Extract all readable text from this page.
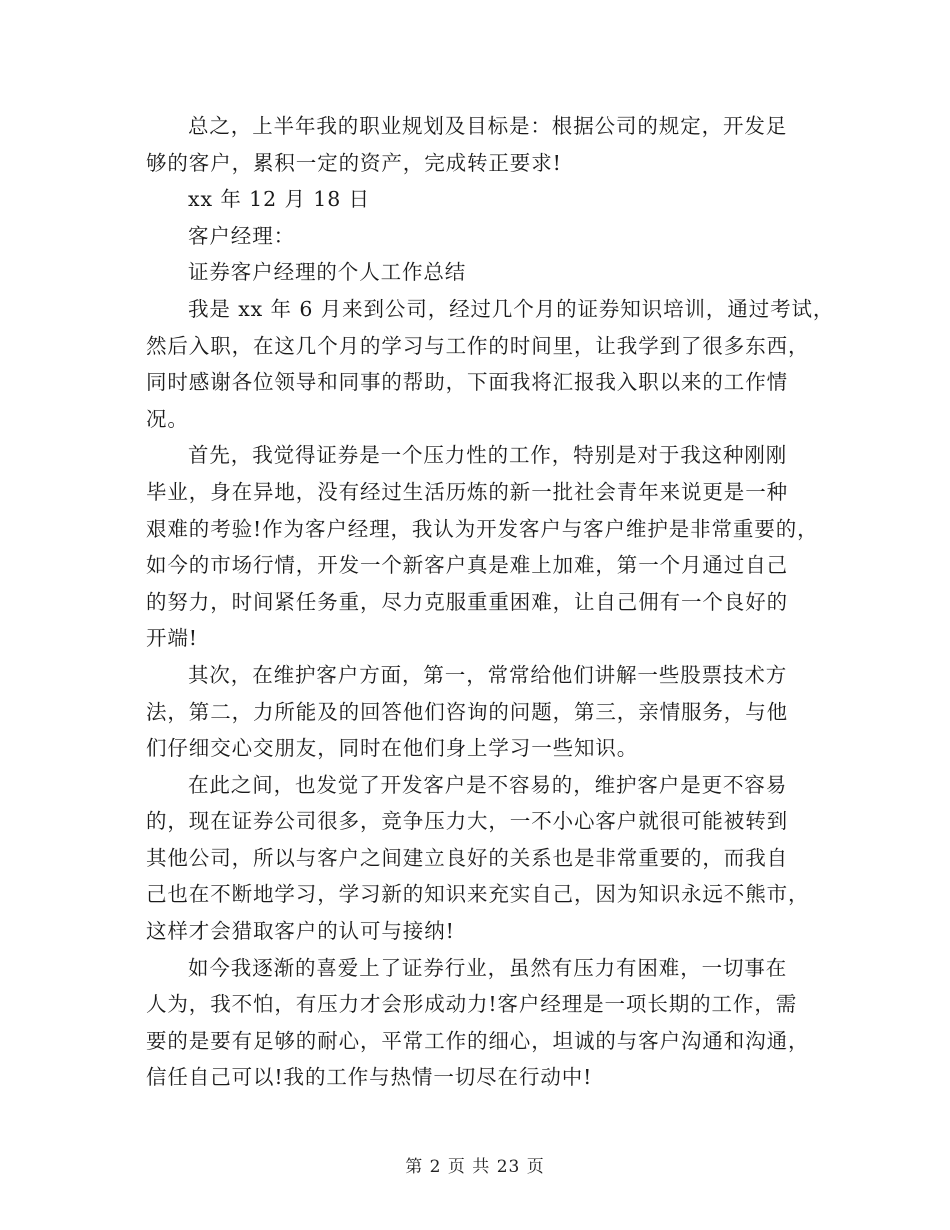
总之，上半年我的职业规划及目标是：根据公司的规定，开发足
够的客户，累积一定的资产，完成转正要求!
xx 年 12 月 18 日
客户经理：
证券客户经理的个人工作总结
我是 xx 年 6 月来到公司，经过几个月的证券知识培训，通过考试，
然后入职，在这几个月的学习与工作的时间里，让我学到了很多东西，
同时感谢各位领导和同事的帮助，下面我将汇报我入职以来的工作情
况。
首先，我觉得证券是一个压力性的工作，特别是对于我这种刚刚
毕业，身在异地，没有经过生活历炼的新一批社会青年来说更是一种
艰难的考验!作为客户经理，我认为开发客户与客户维护是非常重要的，
如今的市场行情，开发一个新客户真是难上加难，第一个月通过自己
的努力，时间紧任务重，尽力克服重重困难，让自己佣有一个良好的
开端!
其次，在维护客户方面，第一，常常给他们讲解一些股票技术方
法，第二，力所能及的回答他们咨询的问题，第三，亲情服务，与他
们仔细交心交朋友，同时在他们身上学习一些知识。
在此之间，也发觉了开发客户是不容易的，维护客户是更不容易
的，现在证券公司很多，竞争压力大，一不小心客户就很可能被转到
其他公司，所以与客户之间建立良好的关系也是非常重要的，而我自
己也在不断地学习，学习新的知识来充实自己，因为知识永远不熊市，
这样才会猎取客户的认可与接纳!
如今我逐渐的喜爱上了证券行业，虽然有压力有困难，一切事在
人为，我不怕，有压力才会形成动力!客户经理是一项长期的工作，需
要的是要有足够的耐心，平常工作的细心，坦诚的与客户沟通和沟通，
信任自己可以!我的工作与热情一切尽在行动中!
第 2 页 共 23 页
